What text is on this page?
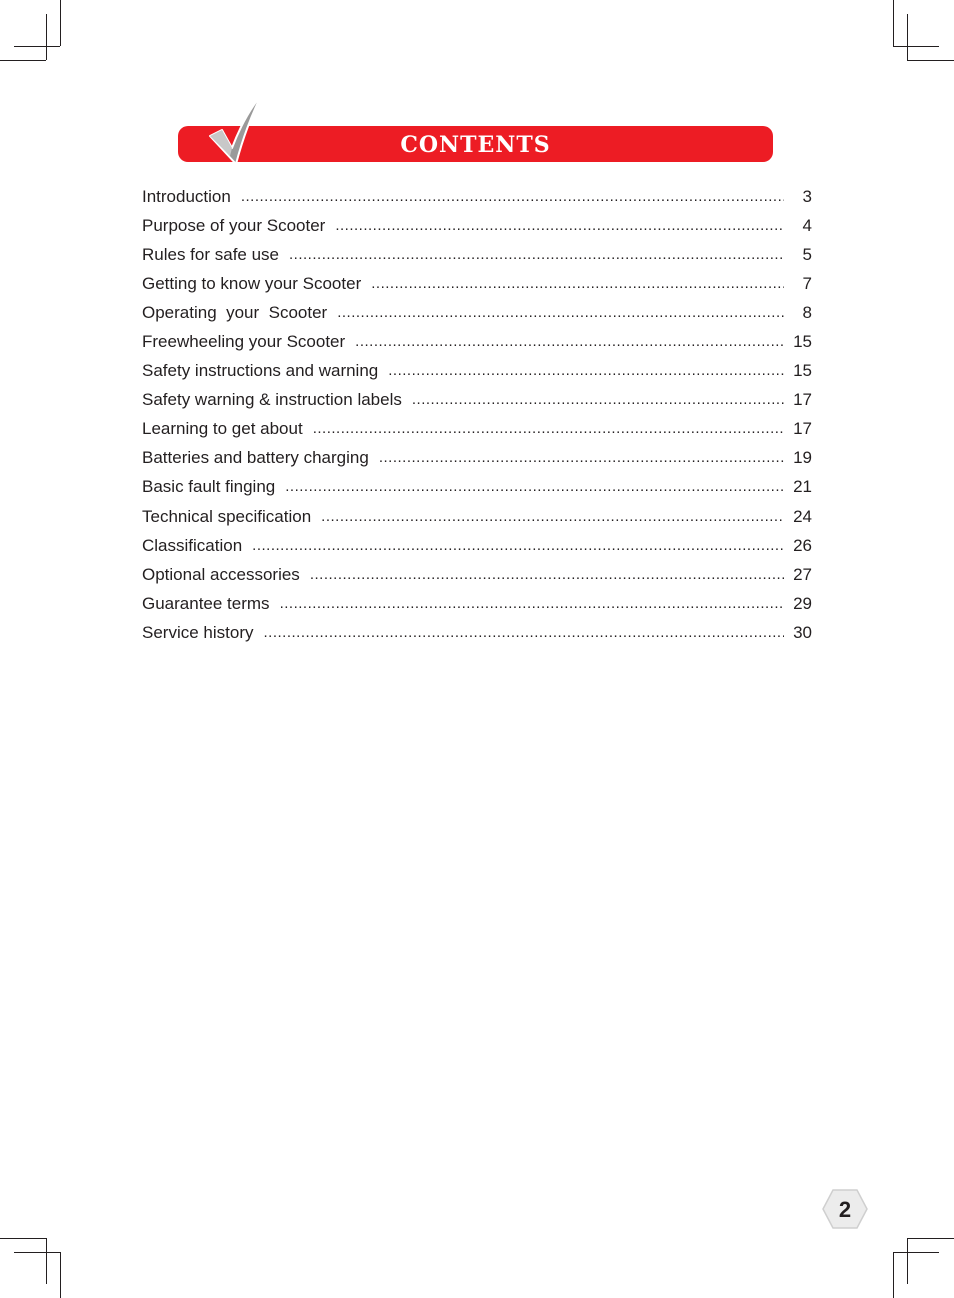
CONTENTS
Introduction .....	3
Purpose of your Scooter .....	4
Rules for safe use .....	5
Getting to know your Scooter .....	7
Operating  your  Scooter .....	8
Freewheeling your Scooter .....	15
Safety instructions and warning .....	15
Safety warning & instruction labels .....	17
Learning to get about .....	17
Batteries and battery charging .....	19
Basic fault finging .....	21
Technical specification .....	24
Classification .....	26
Optional accessories .....	27
Guarantee terms .....	29
Service history .....	30
2
